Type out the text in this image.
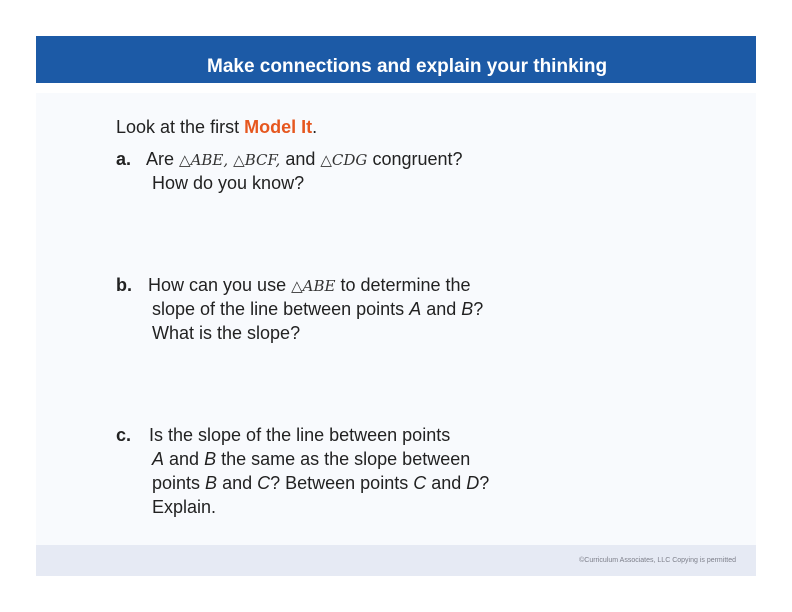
Make connections and explain your thinking
Look at the first Model It.
a. Are △ABE, △BCF, and △CDG congruent?
How do you know?
b. How can you use △ABE to determine the
slope of the line between points A and B?
What is the slope?
c. Is the slope of the line between points
A and B the same as the slope between
points B and C? Between points C and D?
Explain.
©Curriculum Associates, LLC Copying is permitted
